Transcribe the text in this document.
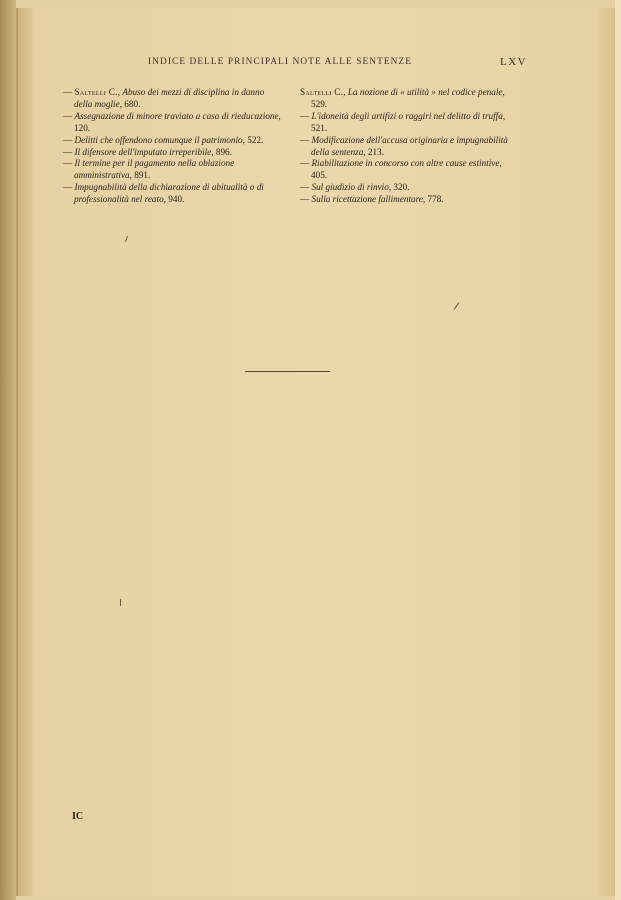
INDICE DELLE PRINCIPALI NOTE ALLE SENTENZE	LXV

— Saltelli C., Abuso dei mezzi di disciplina in danno della moglie, 680.

— Assegnazione di minore traviato a casa di rieducazione, 120.

— Delitti che offendono comunque il patrimonio, 522.

— Il difensore dell'imputato irreperibile, 896.

— Il termine per il pagamento nella oblazione amministrativa, 891.

— Impugnabilità della dichiarazione di abitualità o di professionalità nel reato, 940.

Saltelli C., La nozione di « utilità » nel codice penale, 529.

— L'idoneità degli artifizi o raggiri nel delitto di truffa, 521.

— Modificazione dell'accusa originaria e impugnabilità della sentenza, 213.

— Riabilitazione in concorso con altre cause estintive, 405.

— Sul giudizio di rinvio, 320.

— Sulla ricettazione fallimentare, 778.

IC
